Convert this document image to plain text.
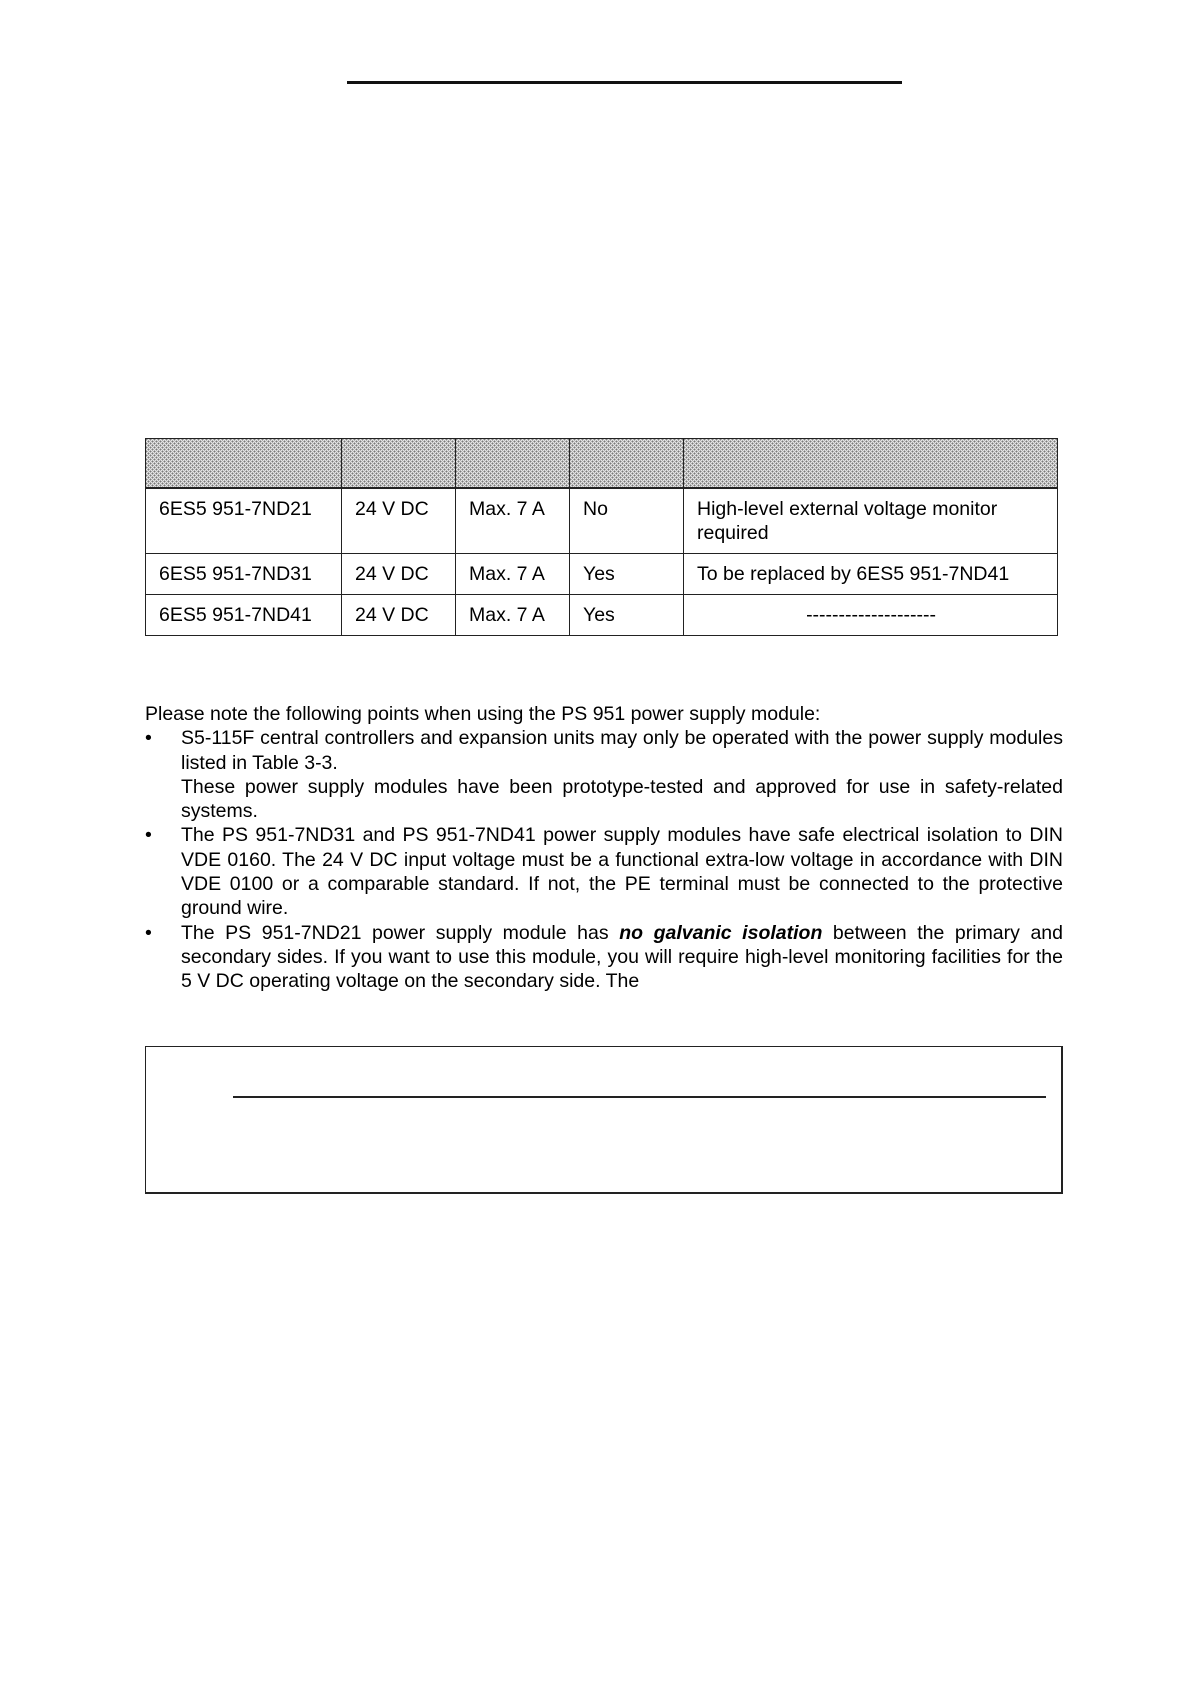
6ES5 951-7ND21	24 V DC	Max. 7 A	No	High-level external voltage monitor required
6ES5 951-7ND31	24 V DC	Max. 7 A	Yes	To be replaced by 6ES5 951-7ND41
6ES5 951-7ND41	24 V DC	Max. 7 A	Yes	--------------------

Please note the following points when using the PS 951 power supply module:

• S5-115F central controllers and expansion units may only be operated with the power supply modules listed in Table 3-3.
These power supply modules have been prototype-tested and approved for use in safety-related systems.
• The PS 951-7ND31 and PS 951-7ND41 power supply modules have safe electrical isolation to DIN VDE 0160. The 24 V DC input voltage must be a functional extra-low voltage in accordance with DIN VDE 0100 or a comparable standard. If not, the PE terminal must be connected to the protective ground wire.
• The PS 951-7ND21 power supply module has no galvanic isolation between the primary and secondary sides. If you want to use this module, you will require high-level monitoring facilities for the 5 V DC operating voltage on the secondary side. The
